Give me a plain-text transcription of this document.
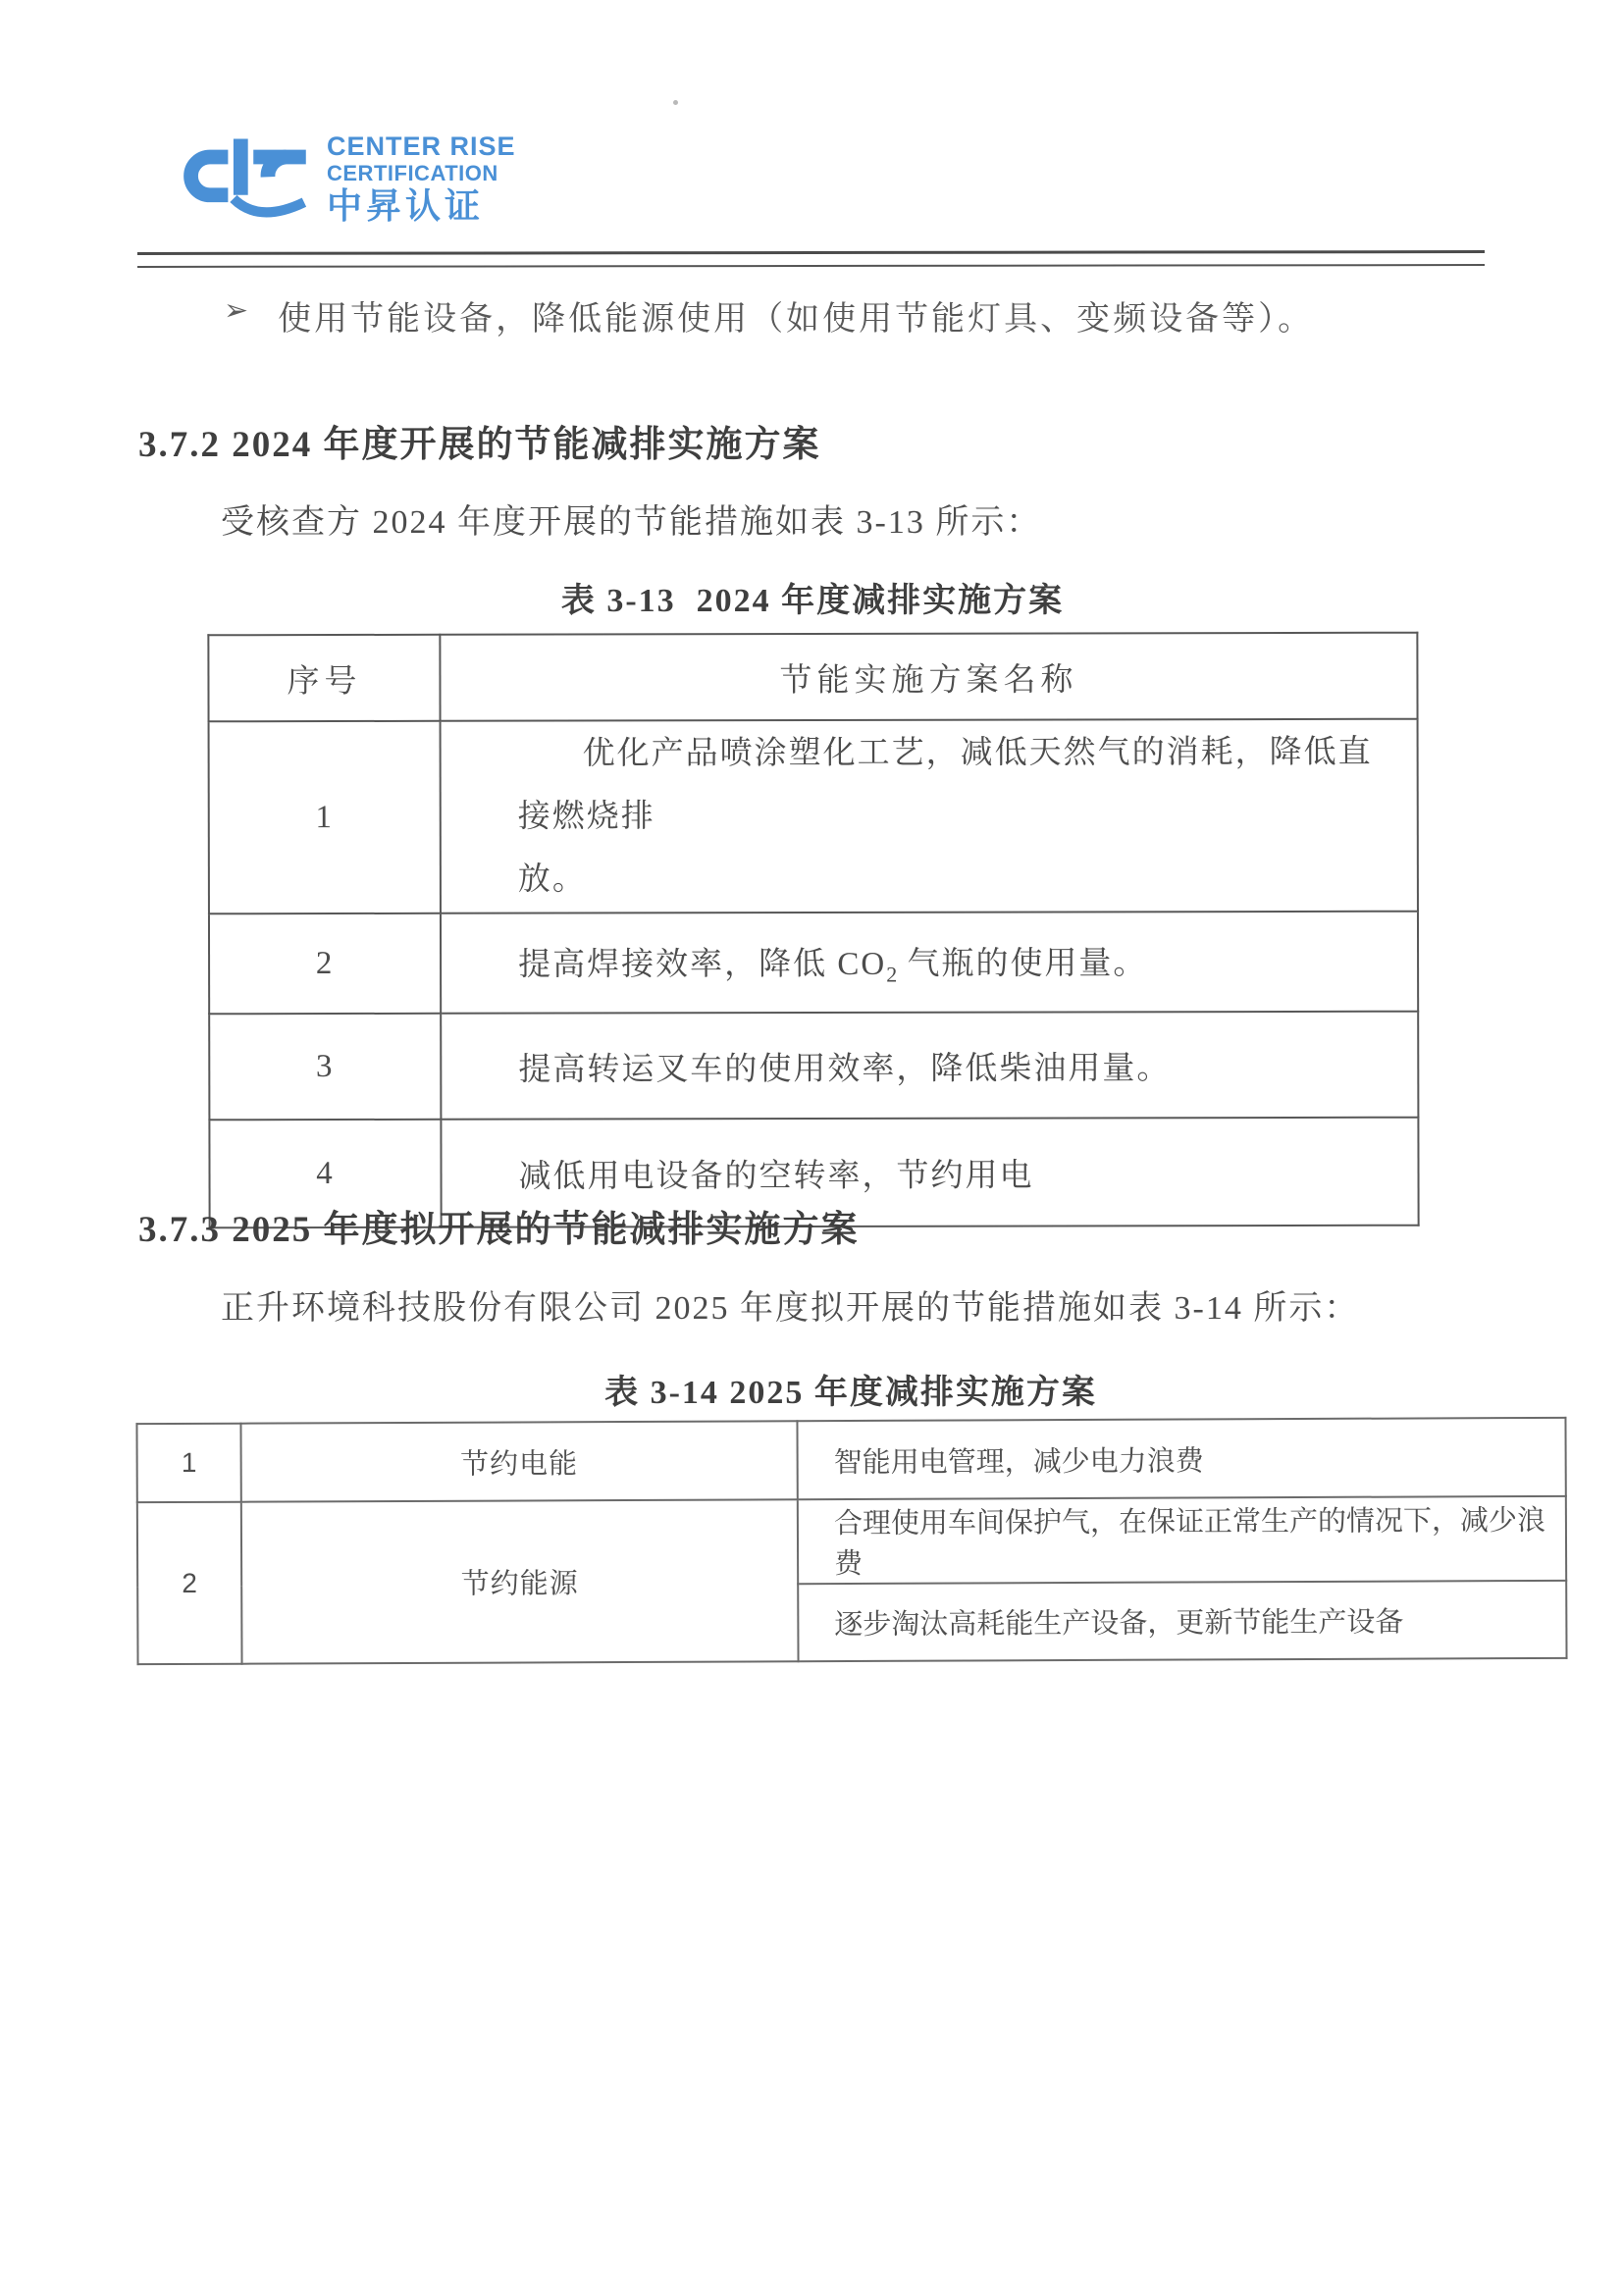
CENTER RISE
CERTIFICATION
中昇认证
➢ 使用节能设备，降低能源使用（如使用节能灯具、变频设备等）。
3.7.2 2024 年度开展的节能减排实施方案
受核查方 2024 年度开展的节能措施如表 3-13 所示：
表 3-13  2024 年度减排实施方案
序号	节能实施方案名称
1	优化产品喷涂塑化工艺，减低天然气的消耗，降低直接燃烧排
放。

2	提高焊接效率，降低 $CO_2$ 气瓶的使用量。
3	提高转运叉车的使用效率，降低柴油用量。
4	减低用电设备的空转率，节约用电
3.7.3 2025 年度拟开展的节能减排实施方案
正升环境科技股份有限公司 2025 年度拟开展的节能措施如表 3-14 所示：
表 3-14 2025 年度减排实施方案
1	节约电能	智能用电管理，减少电力浪费
2	节约能源	合理使用车间保护气，在保证正常生产的情况下，减少浪费
		逐步淘汰高耗能生产设备，更新节能生产设备
